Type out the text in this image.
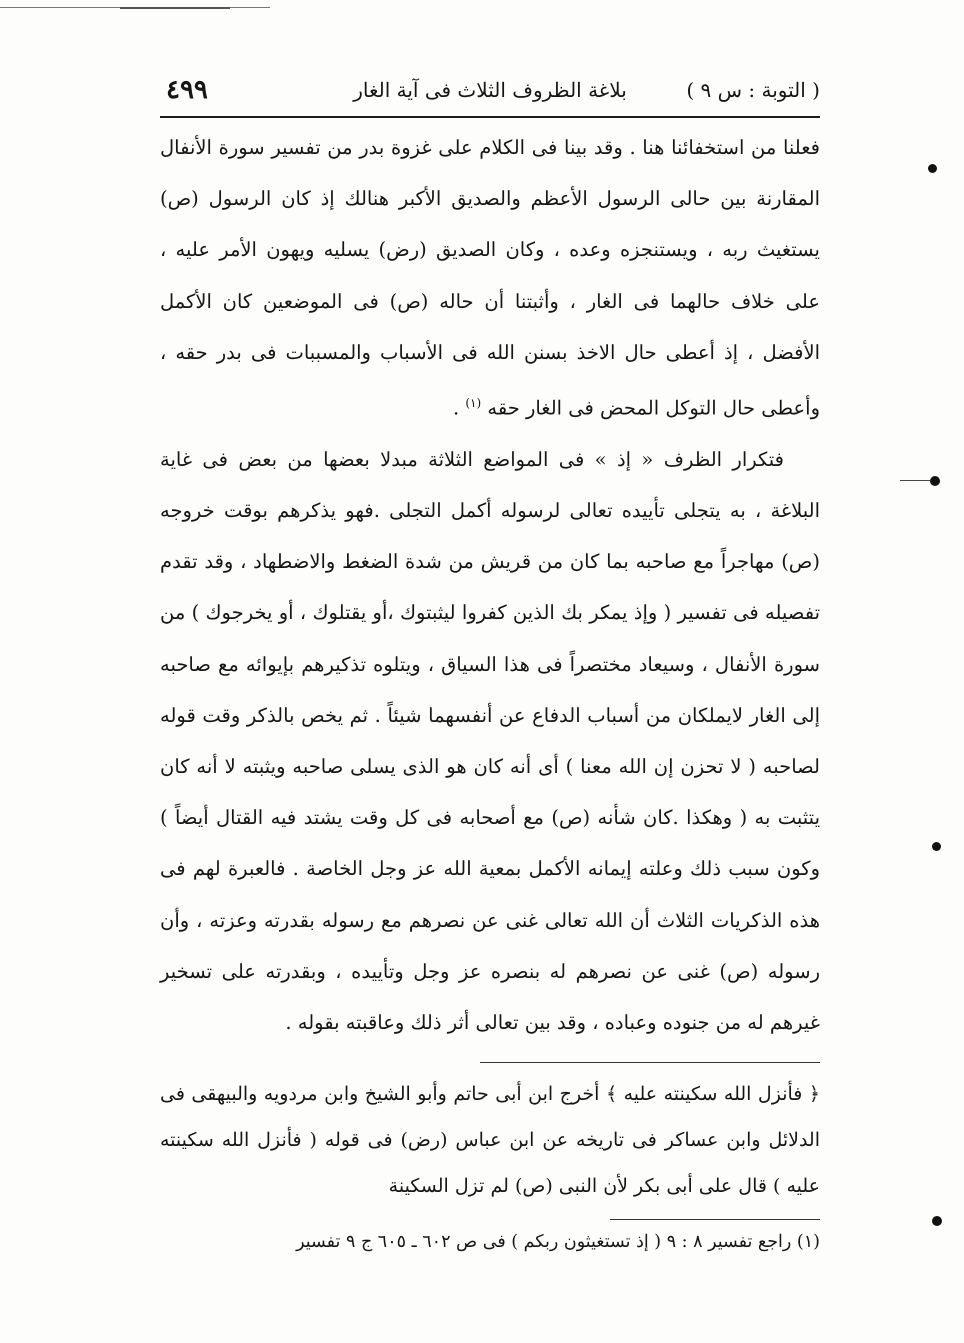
( التوبة : س ٩ )
بلاغة الظروف الثلاث فى آية الغار
٤٩٩

فعلنا من استخفائنا هنا . وقد بينا فى الكلام على غزوة بدر من تفسير سورة الأنفال المقارنة بين حالى الرسول الأعظم والصديق الأكبر هنالك إذ كان الرسول (ص) يستغيث ربه ، ويستنجزه وعده ، وكان الصديق (رض) يسليه ويهون الأمر عليه ، على خلاف حالهما فى الغار ، وأثبتنا أن حاله (ص) فى الموضعين كان الأكمل الأفضل ، إذ أعطى حال الاخذ بسنن الله فى الأسباب والمسببات فى بدر حقه ، وأعطى حال التوكل المحض فى الغار حقه $^{(١)}$ .

فتكرار الظرف « إذ » فى المواضع الثلاثة مبدلا بعضها من بعض فى غاية البلاغة ، به يتجلى تأييده تعالى لرسوله أكمل التجلى .فهو يذكرهم بوقت خروجه (ص) مهاجراً مع صاحبه بما كان من قريش من شدة الضغط والاضطهاد ، وقد تقدم تفصيله فى تفسير ( وإذ يمكر بك الذين كفروا ليثبتوك ،أو يقتلوك ، أو يخرجوك ) من سورة الأنفال ، وسيعاد مختصراً فى هذا السياق ، ويتلوه تذكيرهم بإيوائه مع صاحبه إلى الغار لايملكان من أسباب الدفاع عن أنفسهما شيئاً . ثم يخص بالذكر وقت قوله لصاحبه ( لا تحزن إن الله معنا ) أى أنه كان هو الذى يسلى صاحبه ويثبته لا أنه كان يتثبت به ( وهكذا .كان شأنه (ص) مع أصحابه فى كل وقت يشتد فيه القتال أيضاً ) وكون سبب ذلك وعلته إيمانه الأكمل بمعية الله عز وجل الخاصة . فالعبرة لهم فى هذه الذكريات الثلاث أن الله تعالى غنى عن نصرهم مع رسوله بقدرته وعزته ، وأن رسوله (ص) غنى عن نصرهم له بنصره عز وجل وتأييده ، وبقدرته على تسخير غيرهم له من جنوده وعباده ، وقد بين تعالى أثر ذلك وعاقبته بقوله .

﴿ فأنزل الله سكينته عليه ﴾ أخرج ابن أبى حاتم وأبو الشيخ وابن مردويه والبيهقى فى الدلائل وابن عساكر فى تاريخه عن ابن عباس (رض) فى قوله ( فأنزل الله سكينته عليه ) قال على أبى بكر لأن النبى (ص) لم تزل السكينة

(١) راجع تفسير ٨ : ٩ ( إذ تستغيثون ربكم ) فى ص ٦٠٢ ـ ٦٠٥ ج ٩ تفسير
